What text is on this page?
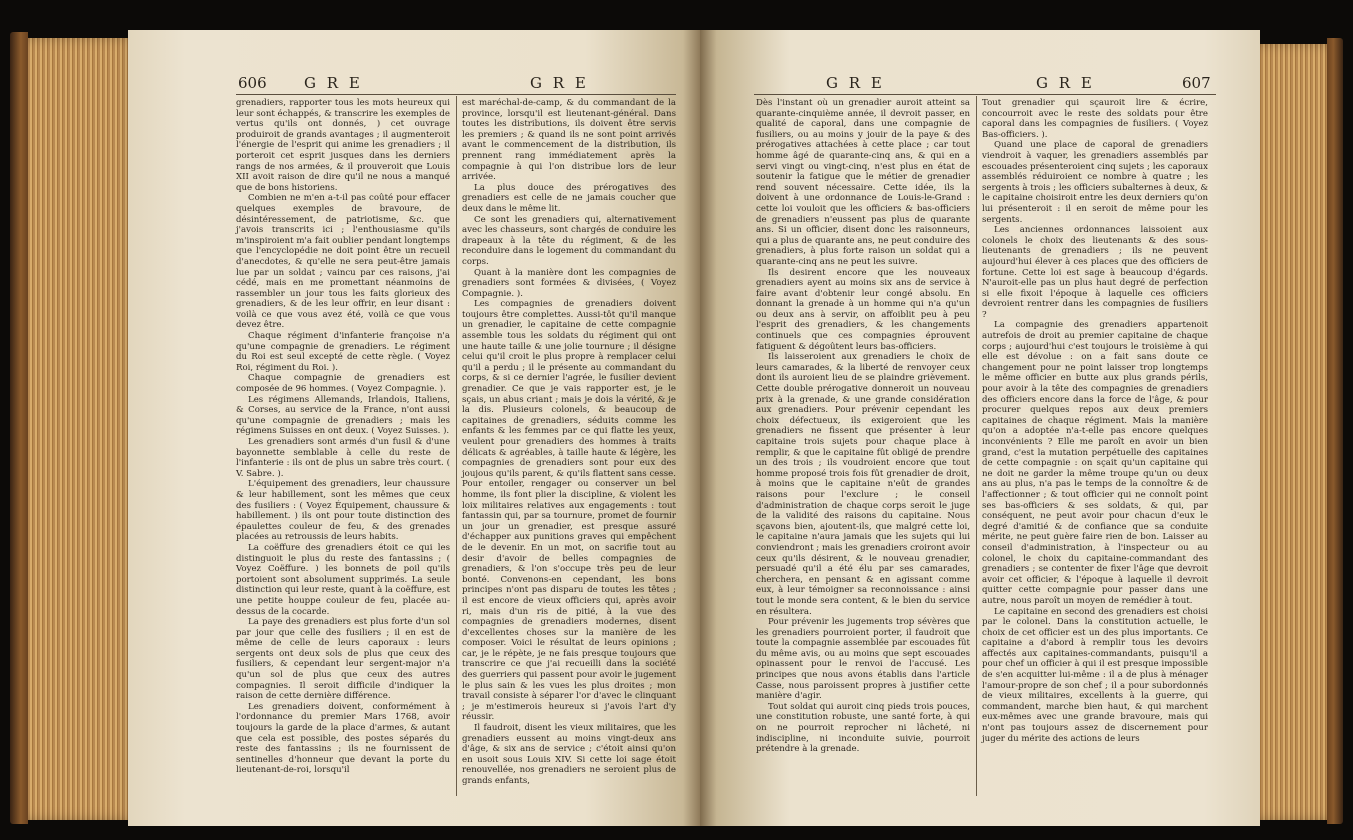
606 G R E	G R E

grenadiers, rapporter tous les mots heureux qui leur sont échappés, & transcrire les exemples de vertus qu'ils ont donnés, ) cet ouvrage produiroit de grands avantages ; il augmenteroit l'énergie de l'esprit qui anime les grenadiers ; il porteroit cet esprit jusques dans les derniers rangs de nos armées, & il prouveroit que Louis XII avoit raison de dire qu'il ne nous a manqué que de bons historiens.

Combien ne m'en a-t-il pas coûté pour effacer quelques exemples de bravoure, de désintéressement, de patriotisme, &c. que j'avois transcrits ici ; l'enthousiasme qu'ils m'inspiroient m'a fait oublier pendant longtemps que l'encyclopédie ne doit point être un recueil d'anecdotes, & qu'elle ne sera peut-être jamais lue par un soldat ; vaincu par ces raisons, j'ai cédé, mais en me promettant néanmoins de rassembler un jour tous les faits glorieux des grenadiers, & de les leur offrir, en leur disant : voilà ce que vous avez été, voilà ce que vous devez être.

Chaque régiment d'infanterie françoise n'a qu'une compagnie de grenadiers. Le régiment du Roi est seul excepté de cette règle. ( Voyez Roi, régiment du Roi. ).

Chaque compagnie de grenadiers est composée de 96 hommes. ( Voyez Compagnie. ).

Les régimens Allemands, Irlandois, Italiens, & Corses, au service de la France, n'ont aussi qu'une compagnie de grenadiers ; mais les régimens Suisses en ont deux. ( Voyez Suisses. ).

Les grenadiers sont armés d'un fusil & d'une bayonnette semblable à celle du reste de l'infanterie : ils ont de plus un sabre très court. ( V. Sabre. ).

L'équipement des grenadiers, leur chaussure & leur habillement, sont les mêmes que ceux des fusiliers : ( Voyez Équipement, chaussure & habillement. ) ils ont pour toute distinction des épaulettes couleur de feu, & des grenades placées au retroussis de leurs habits.

La coëffure des grenadiers étoit ce qui les distinguoit le plus du reste des fantassins ; ( Voyez Coëffure. ) les bonnets de poil qu'ils portoient sont absolument supprimés. La seule distinction qui leur reste, quant à la coëffure, est une petite houppe couleur de feu, placée au-dessus de la cocarde.

La paye des grenadiers est plus forte d'un sol par jour que celle des fusiliers ; il en est de même de celle de leurs caporaux : leurs sergents ont deux sols de plus que ceux des fusiliers, & cependant leur sergent-major n'a qu'un sol de plus que ceux des autres compagnies. Il seroit difficile d'indiquer la raison de cette dernière différence.

Les grenadiers doivent, conformément à l'ordonnance du premier Mars 1768, avoir toujours la garde de la place d'armes, & autant que cela est possible, des postes séparés du reste des fantassins ; ils ne fournissent de sentinelles d'honneur que devant la porte du lieutenant-de-roi, lorsqu'il

est maréchal-de-camp, & du commandant de la province, lorsqu'il est lieutenant-général. Dans toutes les distributions, ils doivent être servis les premiers ; & quand ils ne sont point arrivés avant le commencement de la distribution, ils prennent rang immédiatement après la compagnie à qui l'on distribue lors de leur arrivée.

La plus douce des prérogatives des grenadiers est celle de ne jamais coucher que deux dans le même lit.

Ce sont les grenadiers qui, alternativement avec les chasseurs, sont chargés de conduire les drapeaux à la tête du régiment, & de les reconduire dans le logement du commandant du corps.

Quant à la manière dont les compagnies de grenadiers sont formées & divisées, ( Voyez Compagnie. ).

Les compagnies de grenadiers doivent toujours être complettes. Aussi-tôt qu'il manque un grenadier, le capitaine de cette compagnie assemble tous les soldats du régiment qui ont une haute taille & une jolie tournure ; il désigne celui qu'il croit le plus propre à remplacer celui qu'il a perdu ; il le présente au commandant du corps, & si ce dernier l'agrée, le fusilier devient grenadier. Ce que je vais rapporter est, je le sçais, un abus criant ; mais je dois la vérité, & je la dis. Plusieurs colonels, & beaucoup de capitaines de grenadiers, séduits comme les enfants & les femmes par ce qui flatte les yeux, veulent pour grenadiers des hommes à traits délicats & agréables, à taille haute & légère, les compagnies de grenadiers sont pour eux des joujous qu'ils parent, & qu'ils flattent sans cesse. Pour entoiler, rengager ou conserver un bel homme, ils font plier la discipline, & violent les loix militaires relatives aux engagements : tout fantassin qui, par sa tournure, promet de fournir un jour un grenadier, est presque assuré d'échapper aux punitions graves qui empêchent de le devenir. En un mot, on sacrifie tout au desir d'avoir de belles compagnies de grenadiers, & l'on s'occupe très peu de leur bonté. Convenons-en cependant, les bons principes n'ont pas disparu de toutes les têtes ; il est encore de vieux officiers qui, après avoir ri, mais d'un ris de pitié, à la vue des compagnies de grenadiers modernes, disent d'excellentes choses sur la manière de les composer. Voici le résultat de leurs opinions ; car, je le répète, je ne fais presque toujours que transcrire ce que j'ai recueilli dans la société des guerriers qui passent pour avoir le jugement le plus sain & les vues les plus droites ; mon travail consiste à séparer l'or d'avec le clinquant ; je m'estimerois heureux si j'avois l'art d'y réussir.

Il faudroit, disent les vieux militaires, que les grenadiers eussent au moins vingt-deux ans d'âge, & six ans de service ; c'étoit ainsi qu'on en usoit sous Louis XIV. Si cette loi sage étoit renouvellée, nos grenadiers ne seroient plus de grands enfants,

G R E	G R E	607

Dès l'instant où un grenadier auroit atteint sa quarante-cinquième année, il devroit passer, en qualité de caporal, dans une compagnie de fusiliers, ou au moins y jouir de la paye & des prérogatives attachées à cette place ; car tout homme âgé de quarante-cinq ans, & qui en a servi vingt ou vingt-cinq, n'est plus en état de soutenir la fatigue que le métier de grenadier rend souvent nécessaire. Cette idée, ils la doivent à une ordonnance de Louis-le-Grand : cette loi vouloit que les officiers & bas-officiers de grenadiers n'eussent pas plus de quarante ans. Si un officier, disent donc les raisonneurs, qui a plus de quarante ans, ne peut conduire des grenadiers, à plus forte raison un soldat qui a quarante-cinq ans ne peut les suivre.

Ils desirent encore que les nouveaux grenadiers ayent au moins six ans de service à faire avant d'obtenir leur congé absolu. En donnant la grenade à un homme qui n'a qu'un ou deux ans à servir, on affoiblit peu à peu l'esprit des grenadiers, & les changements continuels que ces compagnies éprouvent fatiguent & dégoûtent leurs bas-officiers.

Ils laisseroient aux grenadiers le choix de leurs camarades, & la liberté de renvoyer ceux dont ils auroient lieu de se plaindre grièvement. Cette double prérogative donneroit un nouveau prix à la grenade, & une grande considération aux grenadiers. Pour prévenir cependant les choix défectueux, ils exigeroient que les grenadiers ne fissent que présenter à leur capitaine trois sujets pour chaque place à remplir, & que le capitaine fût obligé de prendre un des trois ; ils voudroient encore que tout homme proposé trois fois fût grenadier de droit, à moins que le capitaine n'eût de grandes raisons pour l'exclure ; le conseil d'administration de chaque corps seroit le juge de la validité des raisons du capitaine. Nous sçavons bien, ajoutent-ils, que malgré cette loi, le capitaine n'aura jamais que les sujets qui lui conviendront ; mais les grenadiers croiront avoir ceux qu'ils désirent, & le nouveau grenadier, persuadé qu'il a été élu par ses camarades, cherchera, en pensant & en agissant comme eux, à leur témoigner sa reconnoissance : ainsi tout le monde sera content, & le bien du service en résultera.

Pour prévenir les jugements trop sévères que les grenadiers pourroient porter, il faudroit que toute la compagnie assemblée par escouades fût du même avis, ou au moins que sept escouades opinassent pour le renvoi de l'accusé. Les principes que nous avons établis dans l'article Casse, nous paroissent propres à justifier cette manière d'agir.

Tout soldat qui auroit cinq pieds trois pouces, une constitution robuste, une santé forte, à qui on ne pourroit reprocher ni lâcheté, ni indiscipline, ni inconduite suivie, pourroit prétendre à la grenade.

Tout grenadier qui sçauroit lire & écrire, concourroit avec le reste des soldats pour être caporal dans les compagnies de fusiliers. ( Voyez Bas-officiers. ).

Quand une place de caporal de grenadiers viendroit à vaquer, les grenadiers assemblés par escouades présenteroient cinq sujets ; les caporaux assemblés réduiroient ce nombre à quatre ; les sergents à trois ; les officiers subalternes à deux, & le capitaine choisiroit entre les deux derniers qu'on lui présenteroit : il en seroit de même pour les sergents.

Les anciennes ordonnances laissoient aux colonels le choix des lieutenants & des sous-lieutenants de grenadiers ; ils ne peuvent aujourd'hui élever à ces places que des officiers de fortune. Cette loi est sage à beaucoup d'égards. N'auroit-elle pas un plus haut degré de perfection si elle fixoit l'époque à laquelle ces officiers devroient rentrer dans les compagnies de fusiliers ?

La compagnie des grenadiers appartenoit autrefois de droit au premier capitaine de chaque corps ; aujourd'hui c'est toujours le troisième à qui elle est dévolue : on a fait sans doute ce changement pour ne point laisser trop longtemps le même officier en butte aux plus grands périls, pour avoir à la tête des compagnies de grenadiers des officiers encore dans la force de l'âge, & pour procurer quelques repos aux deux premiers capitaines de chaque régiment. Mais la manière qu'on a adoptée n'a-t-elle pas encore quelques inconvénients ? Elle me paroît en avoir un bien grand, c'est la mutation perpétuelle des capitaines de cette compagnie : on sçait qu'un capitaine qui ne doit ne garder la même troupe qu'un ou deux ans au plus, n'a pas le temps de la connoître & de l'affectionner ; & tout officier qui ne connoît point ses bas-officiers & ses soldats, & qui, par conséquent, ne peut avoir pour chacun d'eux le degré d'amitié & de confiance que sa conduite mérite, ne peut guère faire rien de bon. Laisser au conseil d'administration, à l'inspecteur ou au colonel, le choix du capitaine-commandant des grenadiers ; se contenter de fixer l'âge que devroit avoir cet officier, & l'époque à laquelle il devroit quitter cette compagnie pour passer dans une autre, nous paroît un moyen de remédier à tout.

Le capitaine en second des grenadiers est choisi par le colonel. Dans la constitution actuelle, le choix de cet officier est un des plus importants. Ce capitaine a d'abord à remplir tous les devoirs affectés aux capitaines-commandants, puisqu'il a pour chef un officier à qui il est presque impossible de s'en acquitter lui-même : il a de plus à ménager l'amour-propre de son chef ; il a pour subordonnés de vieux militaires, excellents à la guerre, qui commandent, marche bien haut, & qui marchent eux-mêmes avec une grande bravoure, mais qui n'ont pas toujours assez de discernement pour juger du mérite des actions de leurs
